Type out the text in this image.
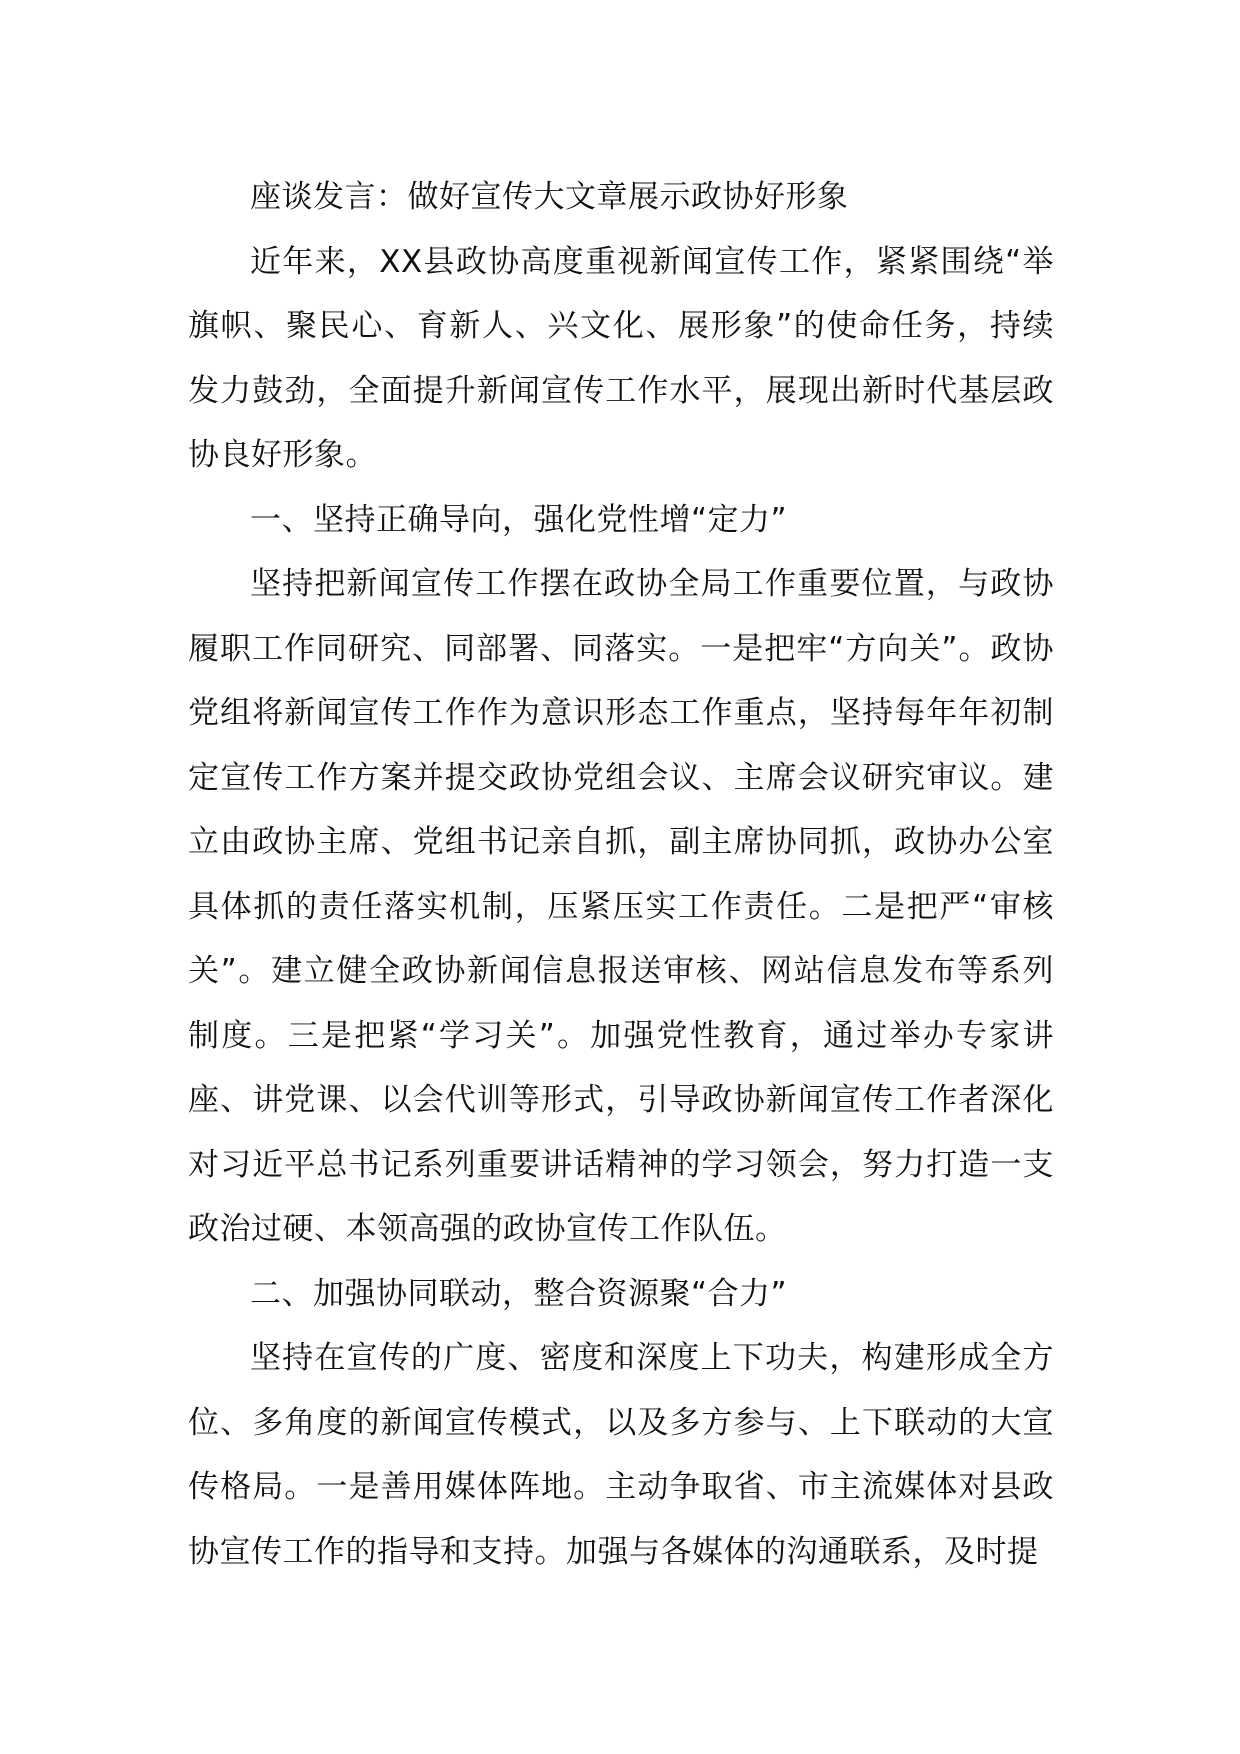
座谈发言：做好宣传大文章展示政协好形象

近年来，XX县政协高度重视新闻宣传工作，紧紧围绕“举旗帜、聚民心、育新人、兴文化、展形象”的使命任务，持续发力鼓劲，全面提升新闻宣传工作水平，展现出新时代基层政协良好形象。

一、坚持正确导向，强化党性增“定力”

坚持把新闻宣传工作摆在政协全局工作重要位置，与政协履职工作同研究、同部署、同落实。一是把牢“方向关”。政协党组将新闻宣传工作作为意识形态工作重点，坚持每年年初制定宣传工作方案并提交政协党组会议、主席会议研究审议。建立由政协主席、党组书记亲自抓，副主席协同抓，政协办公室具体抓的责任落实机制，压紧压实工作责任。二是把严“审核关”。建立健全政协新闻信息报送审核、网站信息发布等系列制度。三是把紧“学习关”。加强党性教育，通过举办专家讲座、讲党课、以会代训等形式，引导政协新闻宣传工作者深化对习近平总书记系列重要讲话精神的学习领会，努力打造一支政治过硬、本领高强的政协宣传工作队伍。

二、加强协同联动，整合资源聚“合力”

坚持在宣传的广度、密度和深度上下功夫，构建形成全方位、多角度的新闻宣传模式，以及多方参与、上下联动的大宣传格局。一是善用媒体阵地。主动争取省、市主流媒体对县政协宣传工作的指导和支持。加强与各媒体的沟通联系，及时提
